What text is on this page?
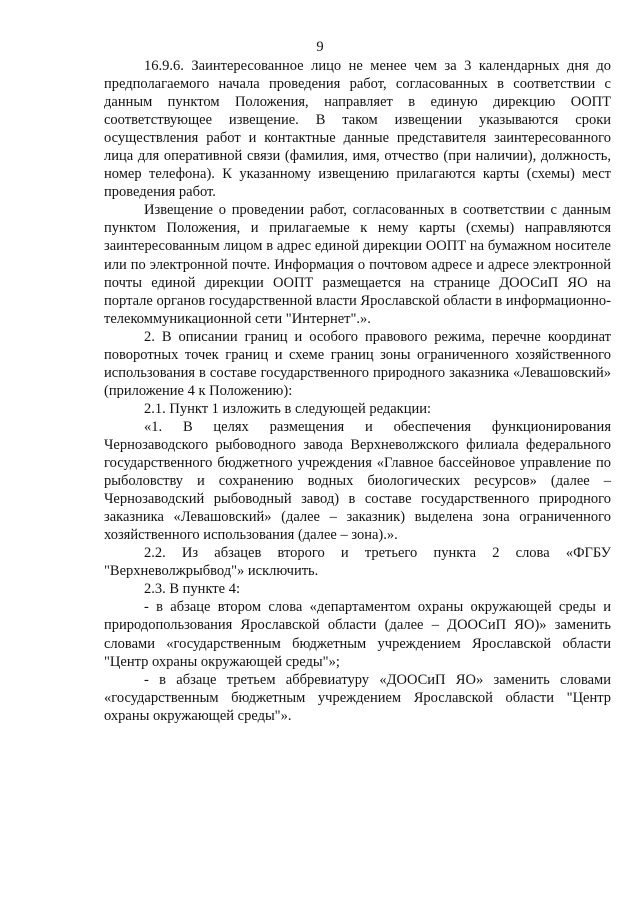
9

16.9.6. Заинтересованное лицо не менее чем за 3 календарных дня до предполагаемого начала проведения работ, согласованных в соответствии с данным пунктом Положения, направляет в единую дирекцию ООПТ соответствующее извещение. В таком извещении указываются сроки осуществления работ и контактные данные представителя заинтересованного лица для оперативной связи (фамилия, имя, отчество (при наличии), должность, номер телефона). К указанному извещению прилагаются карты (схемы) мест проведения работ.

Извещение о проведении работ, согласованных в соответствии с данным пунктом Положения, и прилагаемые к нему карты (схемы) направляются заинтересованным лицом в адрес единой дирекции ООПТ на бумажном носителе или по электронной почте. Информация о почтовом адресе и адресе электронной почты единой дирекции ООПТ размещается на странице ДООСиП ЯО на портале органов государственной власти Ярославской области в информационно-телекоммуникационной сети "Интернет".».

2. В описании границ и особого правового режима, перечне координат поворотных точек границ и схеме границ зоны ограниченного хозяйственного использования в составе государственного природного заказника «Левашовский» (приложение 4 к Положению):

2.1. Пункт 1 изложить в следующей редакции:

«1. В целях размещения и обеспечения функционирования Чернозаводского рыбоводного завода Верхневолжского филиала федерального государственного бюджетного учреждения «Главное бассейновое управление по рыболовству и сохранению водных биологических ресурсов» (далее – Чернозаводский рыбоводный завод) в составе государственного природного заказника «Левашовский» (далее – заказник) выделена зона ограниченного хозяйственного использования (далее – зона).».

2.2. Из абзацев второго и третьего пункта 2 слова «ФГБУ "Верхневолжрыбвод"» исключить.

2.3. В пункте 4:

- в абзаце втором слова «департаментом охраны окружающей среды и природопользования Ярославской области (далее – ДООСиП ЯО)» заменить словами «государственным бюджетным учреждением Ярославской области "Центр охраны окружающей среды"»;

- в абзаце третьем аббревиатуру «ДООСиП ЯО» заменить словами «государственным бюджетным учреждением Ярославской области "Центр охраны окружающей среды"».
